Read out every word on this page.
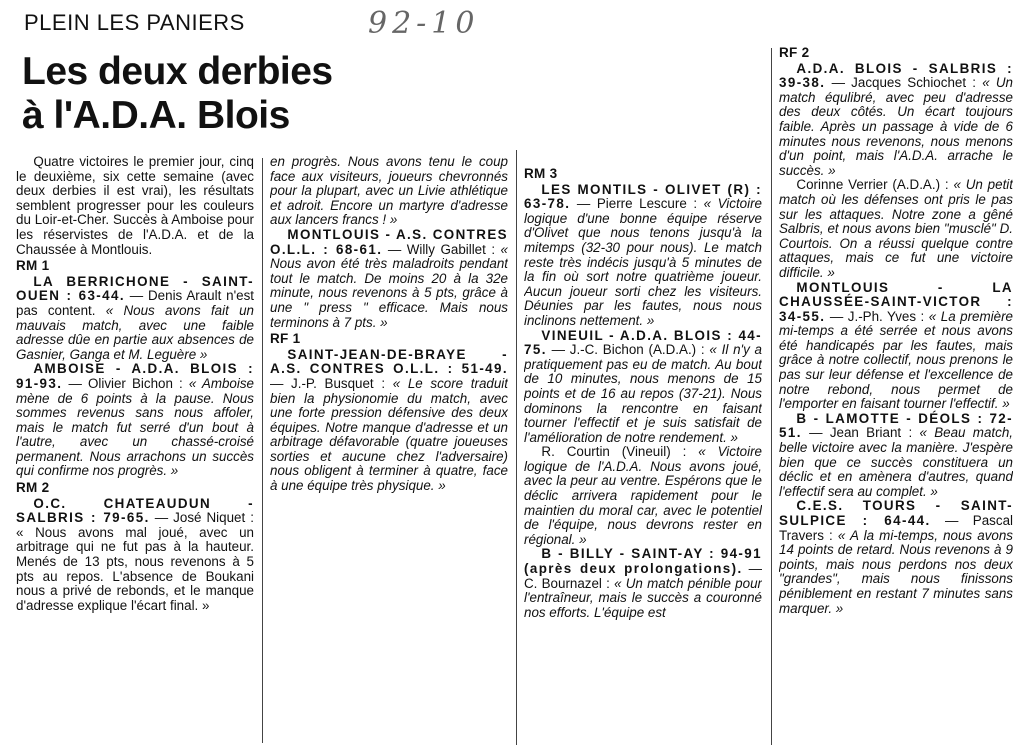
PLEIN LES PANIERS	92-10
Les deux derbies
à l'A.D.A. Blois

Quatre victoires le premier jour, cinq le deuxième, six cette semaine (avec deux derbies il est vrai), les résultats semblent progresser pour les couleurs du Loir-et-Cher. Succès à Amboise pour les réservistes de l'A.D.A. et de la Chaussée à Montlouis.

RM 1

LA BERRICHONE - SAINT-OUEN : 63-44. — Denis Arault n'est pas content. « Nous avons fait un mauvais match, avec une faible adresse dûe en partie aux absences de Gasnier, Ganga et M. Leguère »

AMBOISE - A.D.A. BLOIS : 91-93. — Olivier Bichon : « Amboise mène de 6 points à la pause. Nous sommes revenus sans nous affoler, mais le match fut serré d'un bout à l'autre, avec un chassé-croisé permanent. Nous arrachons un succès qui confirme nos progrès. »

RM 2

O.C. CHATEAUDUN - SALBRIS : 79-65. — José Niquet : « Nous avons mal joué, avec un arbitrage qui ne fut pas à la hauteur. Menés de 13 pts, nous revenons à 5 pts au repos. L'absence de Boukani nous a privé de rebonds, et le manque d'adresse explique l'écart final. »

en progrès. Nous avons tenu le coup face aux visiteurs, joueurs chevronnés pour la plupart, avec un Livie athlétique et adroit. Encore un martyre d'adresse aux lancers francs ! »

MONTLOUIS - A.S. CONTRES O.L.L. : 68-61. — Willy Gabillet : « Nous avon été très maladroits pendant tout le match. De moins 20 à la 32e minute, nous revenons à 5 pts, grâce à une " press " efficace. Mais nous terminons à 7 pts. »

RF 1

SAINT-JEAN-DE-BRAYE - A.S. CONTRES O.L.L. : 51-49. — J.-P. Busquet : « Le score traduit bien la physionomie du match, avec une forte pression défensive des deux équipes. Notre manque d'adresse et un arbitrage défavorable (quatre joueuses sorties et aucune chez l'adversaire) nous obligent à terminer à quatre, face à une équipe très physique. »

RM 3

LES MONTILS - OLIVET (R) : 63-78. — Pierre Lescure : « Victoire logique d'une bonne équipe réserve d'Olivet que nous tenons jusqu'à la mitemps (32-30 pour nous). Le match reste très indécis jusqu'à 5 minutes de la fin où sort notre quatrième joueur. Aucun joueur sorti chez les visiteurs. Déunies par les fautes, nous nous inclinons nettement. »

VINEUIL - A.D.A. BLOIS : 44-75. — J.-C. Bichon (A.D.A.) : « Il n'y a pratiquement pas eu de match. Au bout de 10 minutes, nous menons de 15 points et de 16 au repos (37-21). Nous dominons la rencontre en faisant tourner l'effectif et je suis satisfait de l'amélioration de notre rendement. »

R. Courtin (Vineuil) : « Victoire logique de l'A.D.A. Nous avons joué, avec la peur au ventre. Espérons que le déclic arrivera rapidement pour le maintien du moral car, avec le potentiel de l'équipe, nous devrons rester en régional. »

B - BILLY - SAINT-AY : 94-91 (après deux prolongations). — C. Bournazel : « Un match pénible pour l'entraîneur, mais le succès a couronné nos efforts. L'équipe est

RF 2

A.D.A. BLOIS - SALBRIS : 39-38. — Jacques Schiochet : « Un match équlibré, avec peu d'adresse des deux côtés. Un écart toujours faible. Après un passage à vide de 6 minutes nous revenons, nous menons d'un point, mais l'A.D.A. arrache le succès. »

Corinne Verrier (A.D.A.) : « Un petit match où les défenses ont pris le pas sur les attaques. Notre zone a gêné Salbris, et nous avons bien "musclé" D. Courtois. On a réussi quelque contre attaques, mais ce fut une victoire difficile. »

MONTLOUIS - LA CHAUSSÉE-SAINT-VICTOR : 34-55. — J.-Ph. Yves : « La première mi-temps a été serrée et nous avons été handicapés par les fautes, mais grâce à notre collectif, nous prenons le pas sur leur défense et l'excellence de notre rebond, nous permet de l'emporter en faisant tourner l'effectif. »

B - LAMOTTE - DÉOLS : 72-51. — Jean Briant : « Beau match, belle victoire avec la manière. J'espère bien que ce succès constituera un déclic et en amènera d'autres, quand l'effectif sera au complet. »

C.E.S. TOURS - SAINT-SULPICE : 64-44. — Pascal Travers : « A la mi-temps, nous avons 14 points de retard. Nous revenons à 9 points, mais nous perdons nos deux "grandes", mais nous finissons péniblement en restant 7 minutes sans marquer. »
